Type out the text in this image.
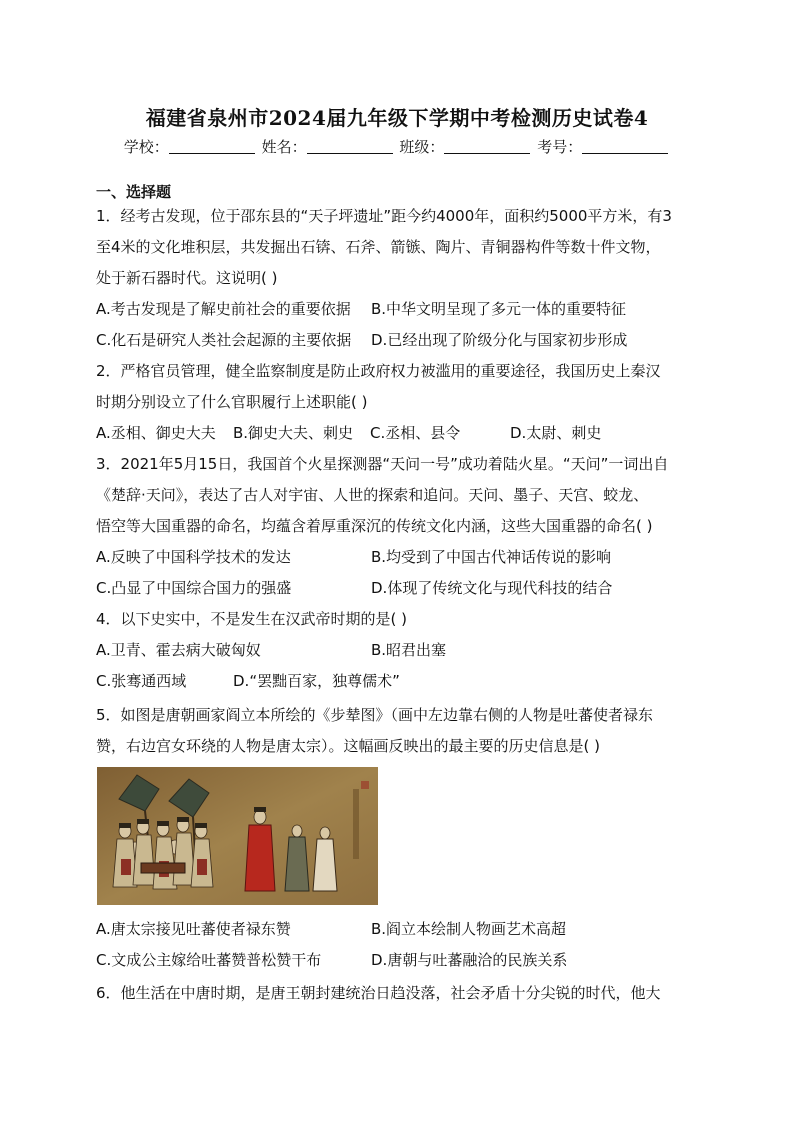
福建省泉州市2024届九年级下学期中考检测历史试卷4
学校：	姓名：	班级：	考号：
一、选择题
1．经考古发现，位于邵东县的“天子坪遗址”距今约4000年，面积约5000平方米，有3
至4米的文化堆积层，共发掘出石锛、石斧、箭镞、陶片、青铜器构件等数十件文物，
处于新石器时代。这说明( )
A.考古发现是了解史前社会的重要依据 B.中华文明呈现了多元一体的重要特征
C.化石是研究人类社会起源的主要依据 D.已经出现了阶级分化与国家初步形成
2．严格官员管理，健全监察制度是防止政府权力被滥用的重要途径，我国历史上秦汉
时期分别设立了什么官职履行上述职能( )
A.丞相、御史大夫 B.御史大夫、刺史 C.丞相、县令	D.太尉、刺史
3．2021年5月15日，我国首个火星探测器“天问一号”成功着陆火星。“天问”一词出自
《楚辞·天问》，表达了古人对宇宙、人世的探索和追问。天问、墨子、天宫、蛟龙、
悟空等大国重器的命名，均蕴含着厚重深沉的传统文化内涵，这些大国重器的命名( )
A.反映了中国科学技术的发达	B.均受到了中国古代神话传说的影响
C.凸显了中国综合国力的强盛	D.体现了传统文化与现代科技的结合
4．以下史实中，不是发生在汉武帝时期的是( )
A.卫青、霍去病大破匈奴	B.昭君出塞
C.张骞通西域	D.“罢黜百家，独尊儒术”
5．如图是唐朝画家阎立本所绘的《步辇图》（画中左边靠右侧的人物是吐蕃使者禄东
赞，右边宫女环绕的人物是唐太宗）。这幅画反映出的最主要的历史信息是( )
A.唐太宗接见吐蕃使者禄东赞	B.阎立本绘制人物画艺术高超
C.文成公主嫁给吐蕃赞普松赞干布	D.唐朝与吐蕃融洽的民族关系
6．他生活在中唐时期，是唐王朝封建统治日趋没落，社会矛盾十分尖锐的时代，他大
